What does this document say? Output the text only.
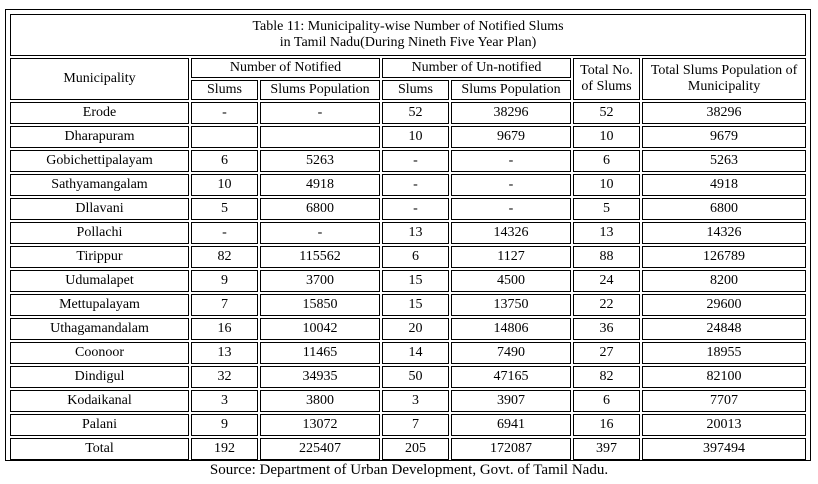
Table 11: Municipality-wise Number of Notified Slums
in Tamil Nadu(During Nineth Five Year Plan)						

Municipality	Number of Notified		Number of Un-notified		Total No. of Slums	Total Slums Population of Municipality
	Slums	Slums Population	Slums	Slums Population		
Erode	-	-	52	38296	52	38296
Dharapuram			10	9679	10	9679
Gobichettipalayam	6	5263	-	-	6	5263
Sathyamangalam	10	4918	-	-	10	4918
Dllavani	5	6800	-	-	5	6800
Pollachi	-	-	13	14326	13	14326
Tirippur	82	115562	6	1127	88	126789
Udumalapet	9	3700	15	4500	24	8200
Mettupalayam	7	15850	15	13750	22	29600
Uthagamandalam	16	10042	20	14806	36	24848
Coonoor	13	11465	14	7490	27	18955
Dindigul	32	34935	50	47165	82	82100
Kodaikanal	3	3800	3	3907	6	7707
Palani	9	13072	7	6941	16	20013
Total	192	225407	205	172087	397	397494
Source: Department of Urban Development, Govt. of Tamil Nadu.
